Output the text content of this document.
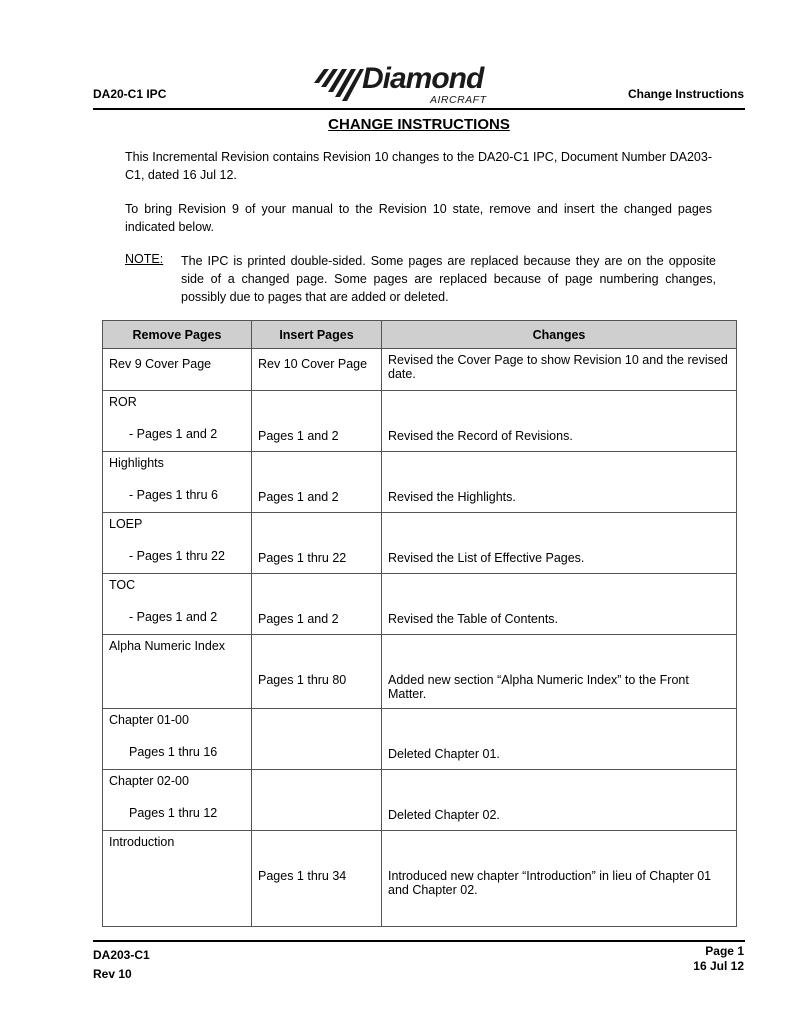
DA20-C1 IPC	Diamond
AIRCRAFT	Change Instructions
CHANGE INSTRUCTIONS
This Incremental Revision contains Revision 10 changes to the DA20-C1 IPC, Document Number DA203-C1, dated 16 Jul 12.
To bring Revision 9 of your manual to the Revision 10 state, remove and insert the changed pages indicated below.
NOTE: The IPC is printed double-sided. Some pages are replaced because they are on the opposite side of a changed page. Some pages are replaced because of page numbering changes, possibly due to pages that are added or deleted.
Remove Pages	Insert Pages	Changes

Rev 9 Cover Page	Rev 10 Cover Page	Revised the Cover Page to show Revision 10 and the revised date.

ROR
- Pages 1 and 2	Pages 1 and 2	Revised the Record of Revisions.

Highlights
- Pages 1 thru 6	Pages 1 and 2	Revised the Highlights.

LOEP
- Pages 1 thru 22	Pages 1 thru 22	Revised the List of Effective Pages.

TOC
- Pages 1 and 2	Pages 1 and 2	Revised the Table of Contents.

Alpha Numeric Index	Pages 1 thru 80	Added new section “Alpha Numeric Index” to the Front Matter.

Chapter 01-00
Pages 1 thru 16		Deleted Chapter 01.

Chapter 02-00
Pages 1 thru 12		Deleted Chapter 02.

Introduction	Pages 1 thru 34	Introduced new chapter “Introduction” in lieu of Chapter 01 and Chapter 02.
DA203-C1
Rev 10
Page 1
16 Jul 12
